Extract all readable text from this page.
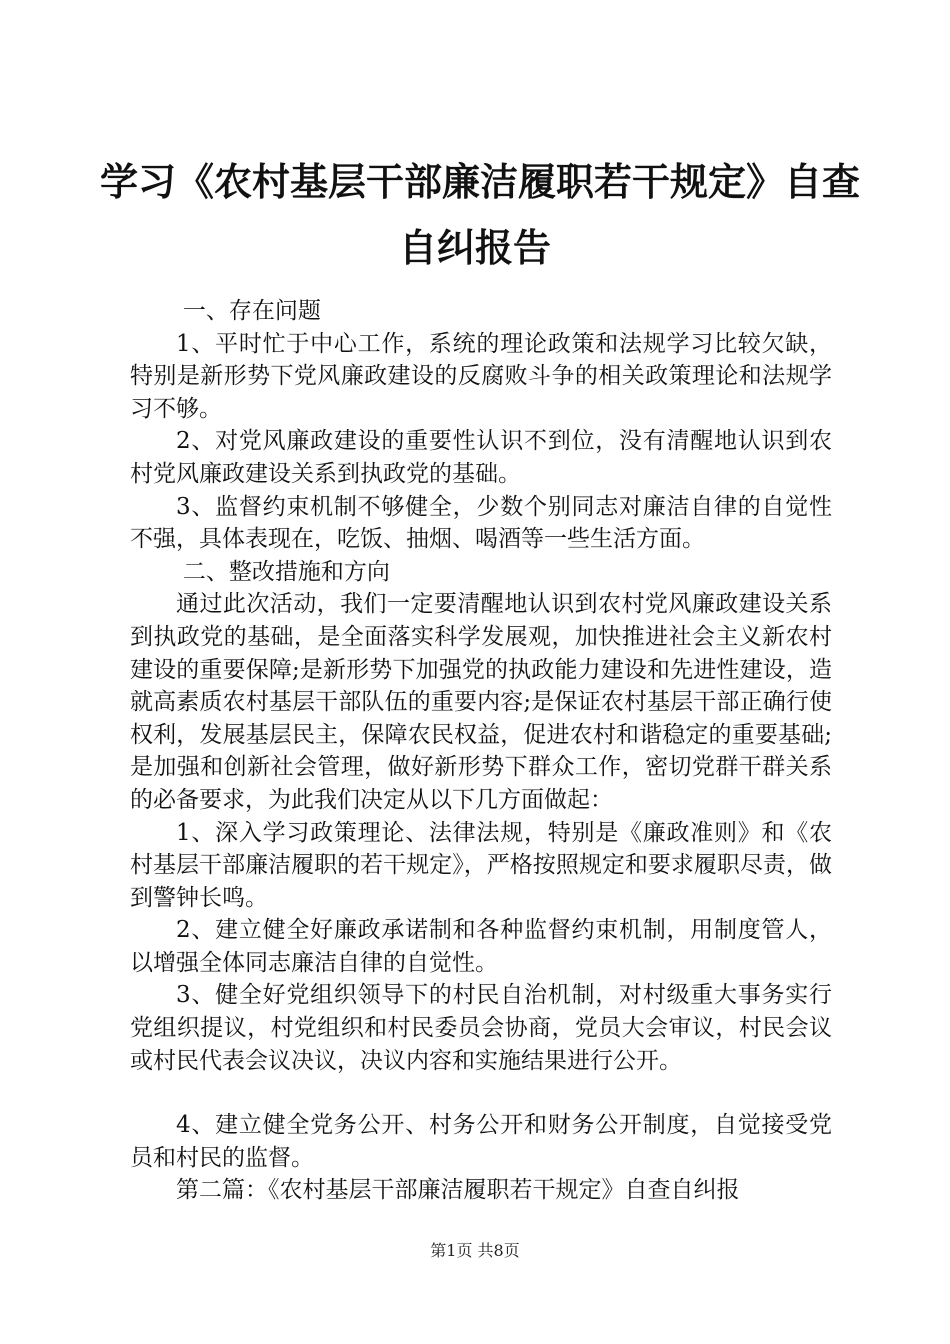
学习《农村基层干部廉洁履职若干规定》自查
自纠报告

一、存在问题

1、平时忙于中心工作，系统的理论政策和法规学习比较欠缺，特别是新形势下党风廉政建设的反腐败斗争的相关政策理论和法规学习不够。

2、对党风廉政建设的重要性认识不到位，没有清醒地认识到农村党风廉政建设关系到执政党的基础。

3、监督约束机制不够健全，少数个别同志对廉洁自律的自觉性不强，具体表现在，吃饭、抽烟、喝酒等一些生活方面。

二、整改措施和方向

通过此次活动，我们一定要清醒地认识到农村党风廉政建设关系到执政党的基础，是全面落实科学发展观，加快推进社会主义新农村建设的重要保障;是新形势下加强党的执政能力建设和先进性建设，造就高素质农村基层干部队伍的重要内容;是保证农村基层干部正确行使权利，发展基层民主，保障农民权益，促进农村和谐稳定的重要基础;是加强和创新社会管理，做好新形势下群众工作，密切党群干群关系的必备要求，为此我们决定从以下几方面做起：

1、深入学习政策理论、法律法规，特别是《廉政准则》和《农村基层干部廉洁履职的若干规定》，严格按照规定和要求履职尽责，做到警钟长鸣。

2、建立健全好廉政承诺制和各种监督约束机制，用制度管人，以增强全体同志廉洁自律的自觉性。

3、健全好党组织领导下的村民自治机制，对村级重大事务实行党组织提议，村党组织和村民委员会协商，党员大会审议，村民会议或村民代表会议决议，决议内容和实施结果进行公开。

4、建立健全党务公开、村务公开和财务公开制度，自觉接受党员和村民的监督。

第二篇：《农村基层干部廉洁履职若干规定》自查自纠报

第1页 共8页
